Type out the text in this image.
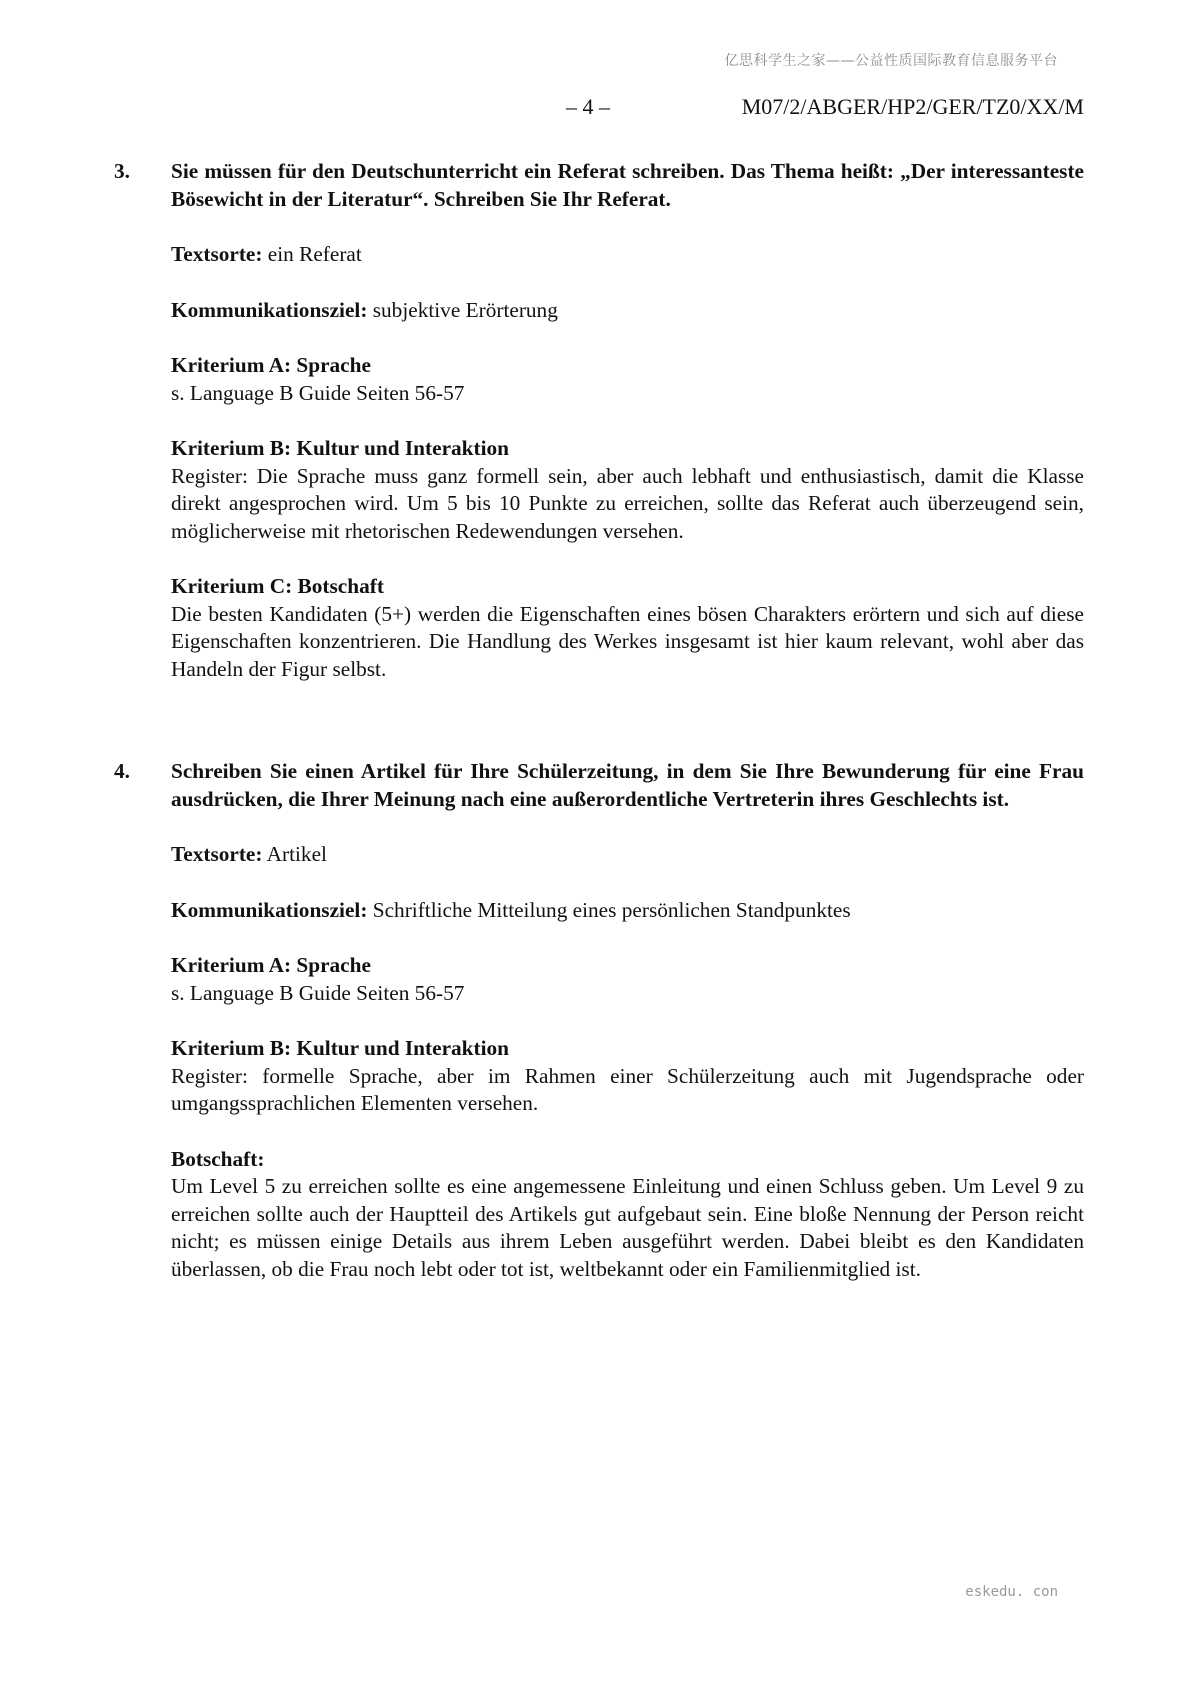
亿思科学生之家——公益性质国际教育信息服务平台
– 4 –	M07/2/ABGER/HP2/GER/TZ0/XX/M
3. Sie müssen für den Deutschunterricht ein Referat schreiben. Das Thema heißt: „Der interessanteste Bösewicht in der Literatur“. Schreiben Sie Ihr Referat.

Textsorte: ein Referat

Kommunikationsziel: subjektive Erörterung

Kriterium A: Sprache
s. Language B Guide Seiten 56-57

Kriterium B: Kultur und Interaktion
Register: Die Sprache muss ganz formell sein, aber auch lebhaft und enthusiastisch, damit die Klasse direkt angesprochen wird. Um 5 bis 10 Punkte zu erreichen, sollte das Referat auch überzeugend sein, möglicherweise mit rhetorischen Redewendungen versehen.

Kriterium C: Botschaft
Die besten Kandidaten (5+) werden die Eigenschaften eines bösen Charakters erörtern und sich auf diese Eigenschaften konzentrieren. Die Handlung des Werkes insgesamt ist hier kaum relevant, wohl aber das Handeln der Figur selbst.

4. Schreiben Sie einen Artikel für Ihre Schülerzeitung, in dem Sie Ihre Bewunderung für eine Frau ausdrücken, die Ihrer Meinung nach eine außerordentliche Vertreterin ihres Geschlechts ist.

Textsorte: Artikel

Kommunikationsziel: Schriftliche Mitteilung eines persönlichen Standpunktes

Kriterium A: Sprache
s. Language B Guide Seiten 56-57

Kriterium B: Kultur und Interaktion
Register: formelle Sprache, aber im Rahmen einer Schülerzeitung auch mit Jugendsprache oder umgangssprachlichen Elementen versehen.

Botschaft:
Um Level 5 zu erreichen sollte es eine angemessene Einleitung und einen Schluss geben. Um Level 9 zu erreichen sollte auch der Hauptteil des Artikels gut aufgebaut sein. Eine bloße Nennung der Person reicht nicht; es müssen einige Details aus ihrem Leben ausgeführt werden. Dabei bleibt es den Kandidaten überlassen, ob die Frau noch lebt oder tot ist, weltbekannt oder ein Familienmitglied ist.

eskedu. con
